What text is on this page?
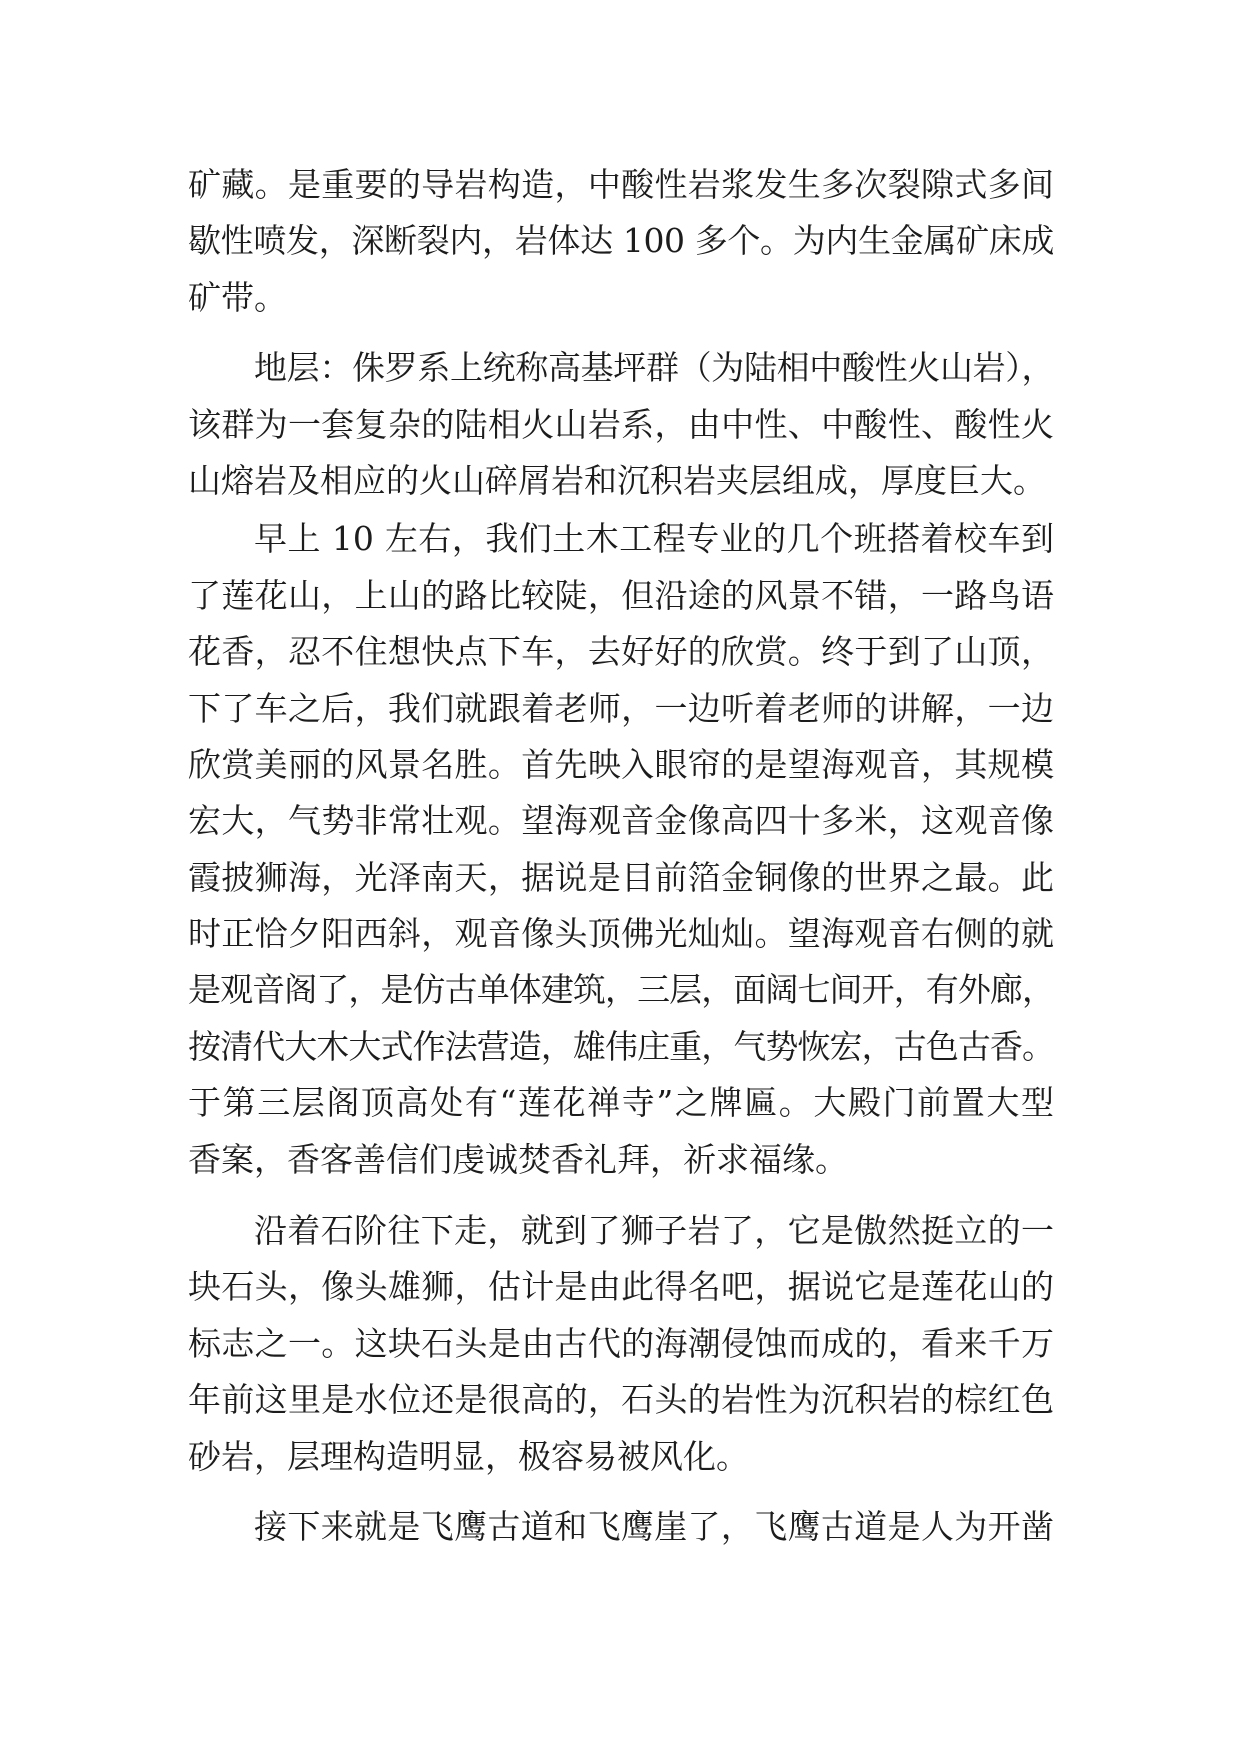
矿藏。是重要的导岩构造，中酸性岩浆发生多次裂隙式多间
歇性喷发，深断裂内，岩体达 100 多个。为内生金属矿床成
矿带。
地层：侏罗系上统称高基坪群（为陆相中酸性火山岩），
该群为一套复杂的陆相火山岩系，由中性、中酸性、酸性火
山熔岩及相应的火山碎屑岩和沉积岩夹层组成，厚度巨大。
早上 10 左右，我们土木工程专业的几个班搭着校车到
了莲花山，上山的路比较陡，但沿途的风景不错，一路鸟语
花香，忍不住想快点下车，去好好的欣赏。终于到了山顶，
下了车之后，我们就跟着老师，一边听着老师的讲解，一边
欣赏美丽的风景名胜。首先映入眼帘的是望海观音，其规模
宏大，气势非常壮观。望海观音金像高四十多米，这观音像
霞披狮海，光泽南天，据说是目前箔金铜像的世界之最。此
时正恰夕阳西斜，观音像头顶佛光灿灿。望海观音右侧的就
是观音阁了，是仿古单体建筑，三层，面阔七间开，有外廊，
按清代大木大式作法营造，雄伟庄重，气势恢宏，古色古香。
于第三层阁顶高处有“莲花禅寺”之牌匾。大殿门前置大型
香案，香客善信们虔诚焚香礼拜，祈求福缘。
沿着石阶往下走，就到了狮子岩了，它是傲然挺立的一
块石头，像头雄狮，估计是由此得名吧，据说它是莲花山的
标志之一。这块石头是由古代的海潮侵蚀而成的，看来千万
年前这里是水位还是很高的，石头的岩性为沉积岩的棕红色
砂岩，层理构造明显，极容易被风化。
接下来就是飞鹰古道和飞鹰崖了，飞鹰古道是人为开凿
